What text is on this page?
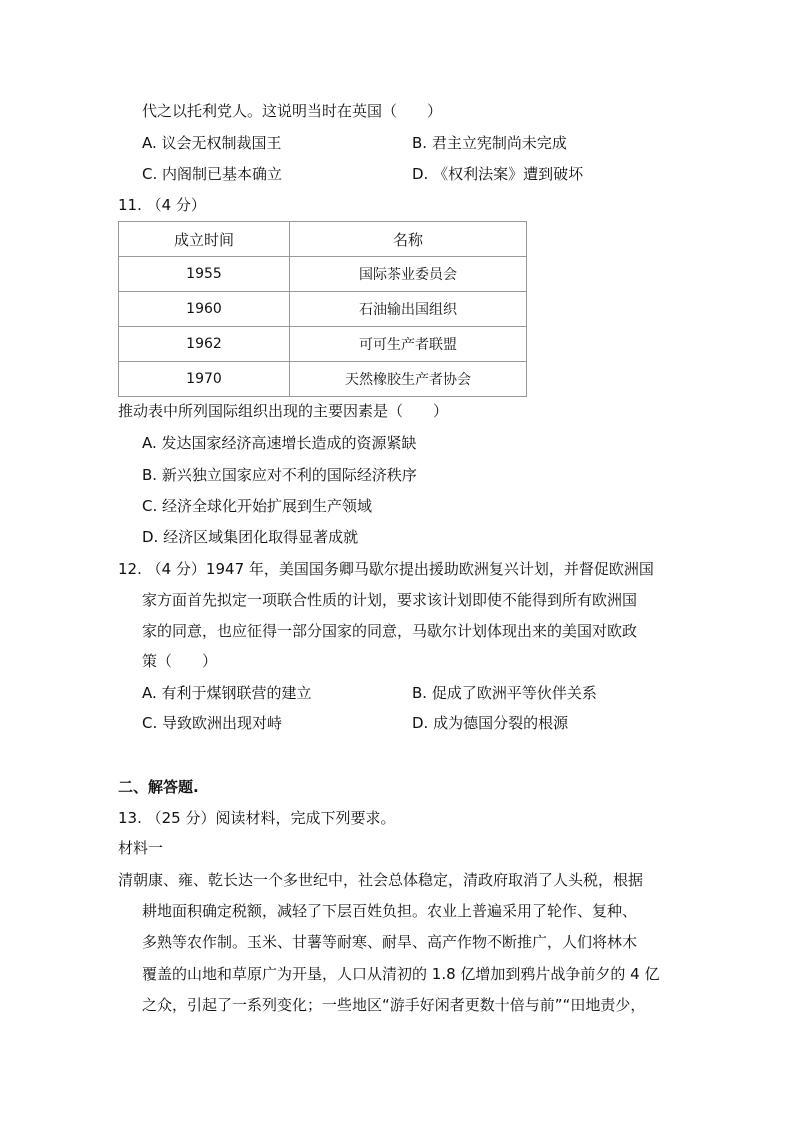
代之以托利党人。这说明当时在英国（　　）
A. 议会无权制裁国王	B. 君主立宪制尚未完成
C. 内阁制已基本确立	D. 《权利法案》遭到破坏
11. （4 分）
成立时间	名称
1955	国际茶业委员会
1960	石油输出国组织
1962	可可生产者联盟
1970	天然橡胶生产者协会
推动表中所列国际组织出现的主要因素是（　　）
A. 发达国家经济高速增长造成的资源紧缺
B. 新兴独立国家应对不利的国际经济秩序
C. 经济全球化开始扩展到生产领域
D. 经济区域集团化取得显著成就
12. （4 分）1947 年，美国国务卿马歇尔提出援助欧洲复兴计划，并督促欧洲国
家方面首先拟定一项联合性质的计划，要求该计划即使不能得到所有欧洲国
家的同意，也应征得一部分国家的同意，马歇尔计划体现出来的美国对欧政
策（　　）
A. 有利于煤钢联营的建立	B. 促成了欧洲平等伙伴关系
C. 导致欧洲出现对峙	D. 成为德国分裂的根源
二、解答题.
13. （25 分）阅读材料，完成下列要求。
材料一
清朝康、雍、乾长达一个多世纪中，社会总体稳定，清政府取消了人头税，根据
耕地面积确定税额，减轻了下层百姓负担。农业上普遍采用了轮作、复种、
多熟等农作制。玉米、甘薯等耐寒、耐旱、高产作物不断推广，人们将林木
覆盖的山地和草原广为开垦，人口从清初的 1.8 亿增加到鸦片战争前夕的 4 亿
之众，引起了一系列变化；一些地区“游手好闲者更数十倍与前”“田地责少，
